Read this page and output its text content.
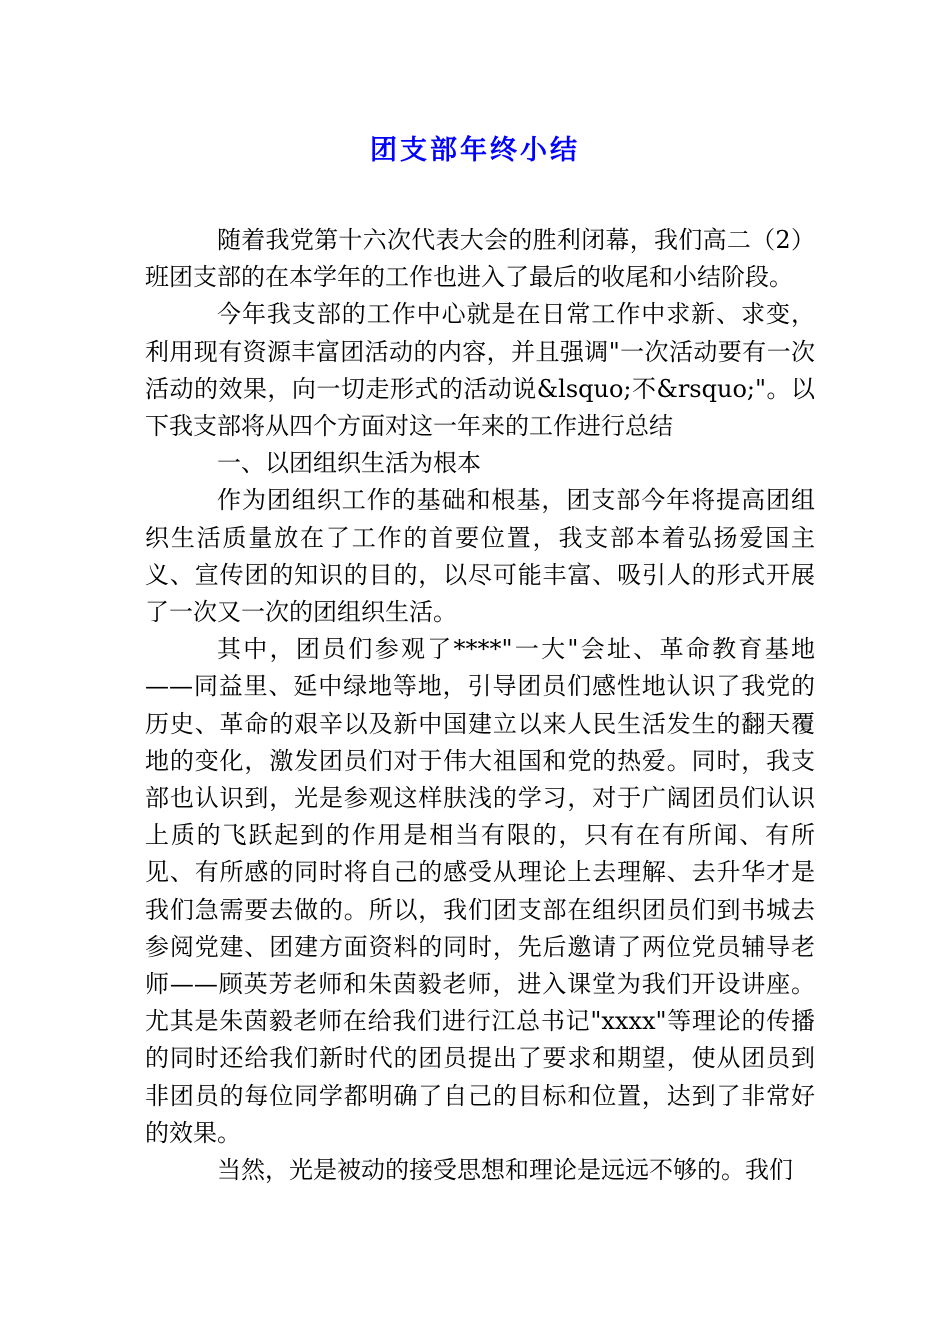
团支部年终小结

随着我党第十六次代表大会的胜利闭幕，我们高二（2）班团支部的在本学年的工作也进入了最后的收尾和小结阶段。

今年我支部的工作中心就是在日常工作中求新、求变，利用现有资源丰富团活动的内容，并且强调"一次活动要有一次活动的效果，向一切走形式的活动说&lsquo;不&rsquo;"。以下我支部将从四个方面对这一年来的工作进行总结

一、以团组织生活为根本

作为团组织工作的基础和根基，团支部今年将提高团组织生活质量放在了工作的首要位置，我支部本着弘扬爱国主义、宣传团的知识的目的，以尽可能丰富、吸引人的形式开展了一次又一次的团组织生活。

其中，团员们参观了****"一大"会址、革命教育基地——同益里、延中绿地等地，引导团员们感性地认识了我党的历史、革命的艰辛以及新中国建立以来人民生活发生的翻天覆地的变化，激发团员们对于伟大祖国和党的热爱。同时，我支部也认识到，光是参观这样肤浅的学习，对于广阔团员们认识上质的飞跃起到的作用是相当有限的，只有在有所闻、有所见、有所感的同时将自己的感受从理论上去理解、去升华才是我们急需要去做的。所以，我们团支部在组织团员们到书城去参阅党建、团建方面资料的同时，先后邀请了两位党员辅导老师——顾英芳老师和朱茵毅老师，进入课堂为我们开设讲座。尤其是朱茵毅老师在给我们进行江总书记"xxxx"等理论的传播的同时还给我们新时代的团员提出了要求和期望，使从团员到非团员的每位同学都明确了自己的目标和位置，达到了非常好的效果。

当然，光是被动的接受思想和理论是远远不够的。我们
